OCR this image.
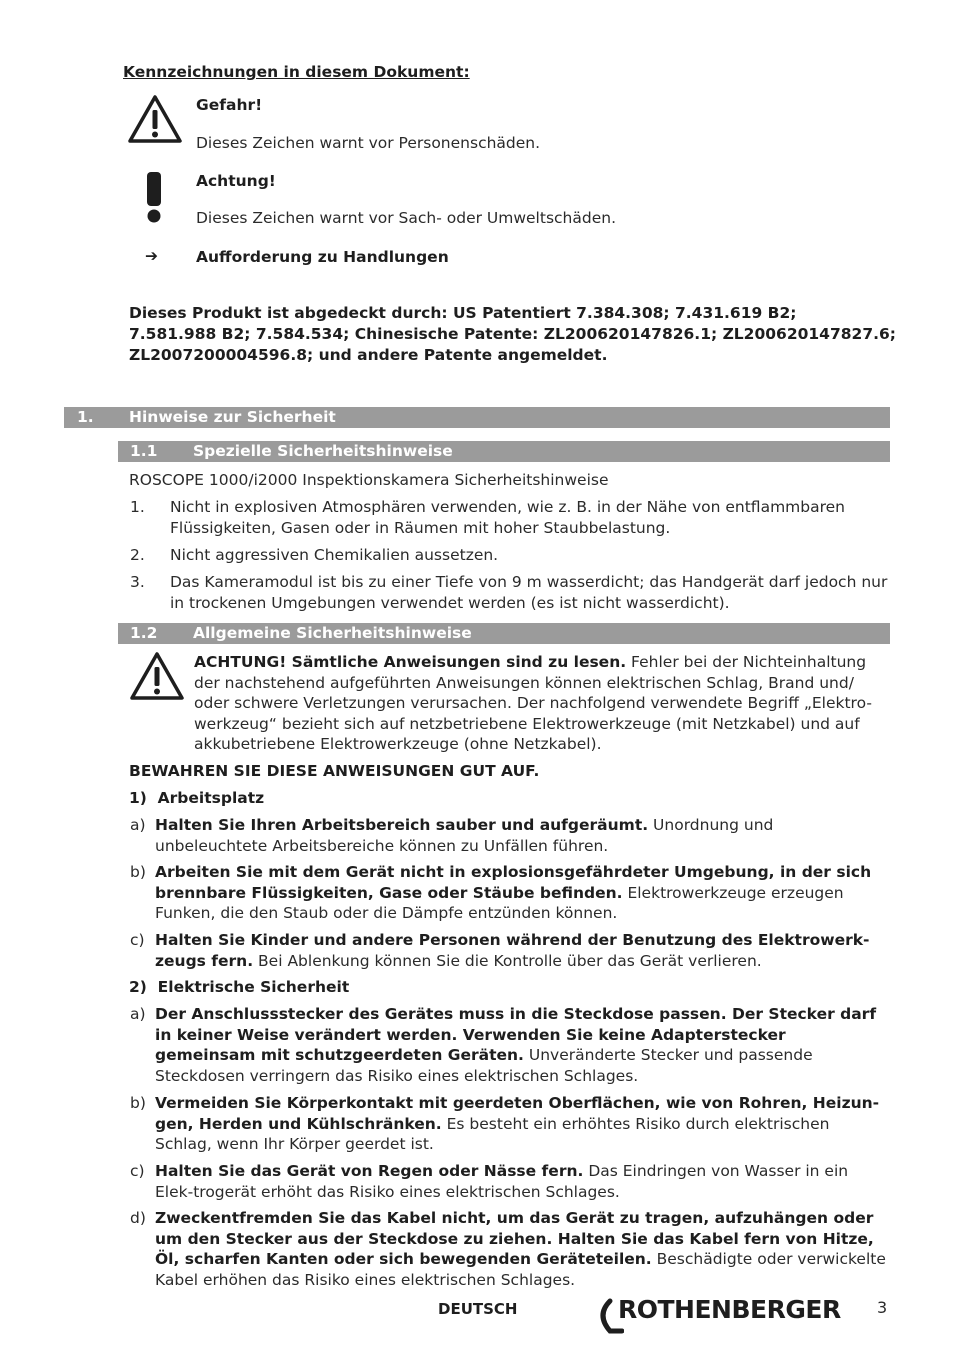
Kennzeichnungen in diesem Dokument:
Gefahr!
Dieses Zeichen warnt vor Personenschäden.
Achtung!
Dieses Zeichen warnt vor Sach- oder Umweltschäden.
➔ Aufforderung zu Handlungen
Dieses Produkt ist abgedeckt durch: US Patentiert 7.384.308; 7.431.619 B2;
7.581.988 B2; 7.584.534; Chinesische Patente: ZL200620147826.1; ZL200620147827.6;
ZL2007200004596.8; und andere Patente angemeldet.
1. Hinweise zur Sicherheit
1.1 Spezielle Sicherheitshinweise
ROSCOPE 1000/i2000 Inspektionskamera Sicherheitshinweise
1. Nicht in explosiven Atmosphären verwenden, wie z. B. in der Nähe von entflammbaren

Flüssigkeiten, Gasen oder in Räumen mit hoher Staubbelastung.

2. Nicht aggressiven Chemikalien aussetzen.

3. Das Kameramodul ist bis zu einer Tiefe von 9 m wasserdicht; das Handgerät darf jedoch nur

in trockenen Umgebungen verwendet werden (es ist nicht wasserdicht).

1.2 Allgemeine Sicherheitshinweise

ACHTUNG! Sämtliche Anweisungen sind zu lesen. Fehler bei der Nichteinhaltung

der nachstehend aufgeführten Anweisungen können elektrischen Schlag, Brand und/

oder schwere Verletzungen verursachen. Der nachfolgend verwendete Begriff „Elektro-

werkzeug“ bezieht sich auf netzbetriebene Elektrowerkzeuge (mit Netzkabel) und auf

akkubetriebene Elektrowerkzeuge (ohne Netzkabel).

BEWAHREN SIE DIESE ANWEISUNGEN GUT AUF.
1)  Arbeitsplatz
a) Halten Sie Ihren Arbeitsbereich sauber und aufgeräumt. Unordnung und unbeleuchtete Arbeitsbereiche können zu Unfällen führen.

b) Arbeiten Sie mit dem Gerät nicht in explosionsgefährdeter Umgebung, in der sich brennbare Flüssigkeiten, Gase oder Stäube befinden. Elektrowerkzeuge erzeugen Funken, die den Staub oder die Dämpfe entzünden können.

c) Halten Sie Kinder und andere Personen während der Benutzung des Elektrowerk-zeugs fern. Bei Ablenkung können Sie die Kontrolle über das Gerät verlieren.

2)  Elektrische Sicherheit
a) Der Anschlussstecker des Gerätes muss in die Steckdose passen. Der Stecker darf in keiner Weise verändert werden. Verwenden Sie keine Adapterstecker gemeinsam mit schutzgeerdeten Geräten. Unveränderte Stecker und passende Steckdosen verringern das Risiko eines elektrischen Schlages.

b) Vermeiden Sie Körperkontakt mit geerdeten Oberflächen, wie von Rohren, Heizun-gen, Herden und Kühlschränken. Es besteht ein erhöhtes Risiko durch elektrischen Schlag, wenn Ihr Körper geerdet ist.

c) Halten Sie das Gerät von Regen oder Nässe fern. Das Eindringen von Wasser in ein Elek-trogerät erhöht das Risiko eines elektrischen Schlages.

d) Zweckentfremden Sie das Kabel nicht, um das Gerät zu tragen, aufzuhängen oder um den Stecker aus der Steckdose zu ziehen. Halten Sie das Kabel fern von Hitze, Öl, scharfen Kanten oder sich bewegenden Geräteteilen. Beschädigte oder verwickelte Kabel erhöhen das Risiko eines elektrischen Schlages.

DEUTSCH	ROTHENBERGER 3
